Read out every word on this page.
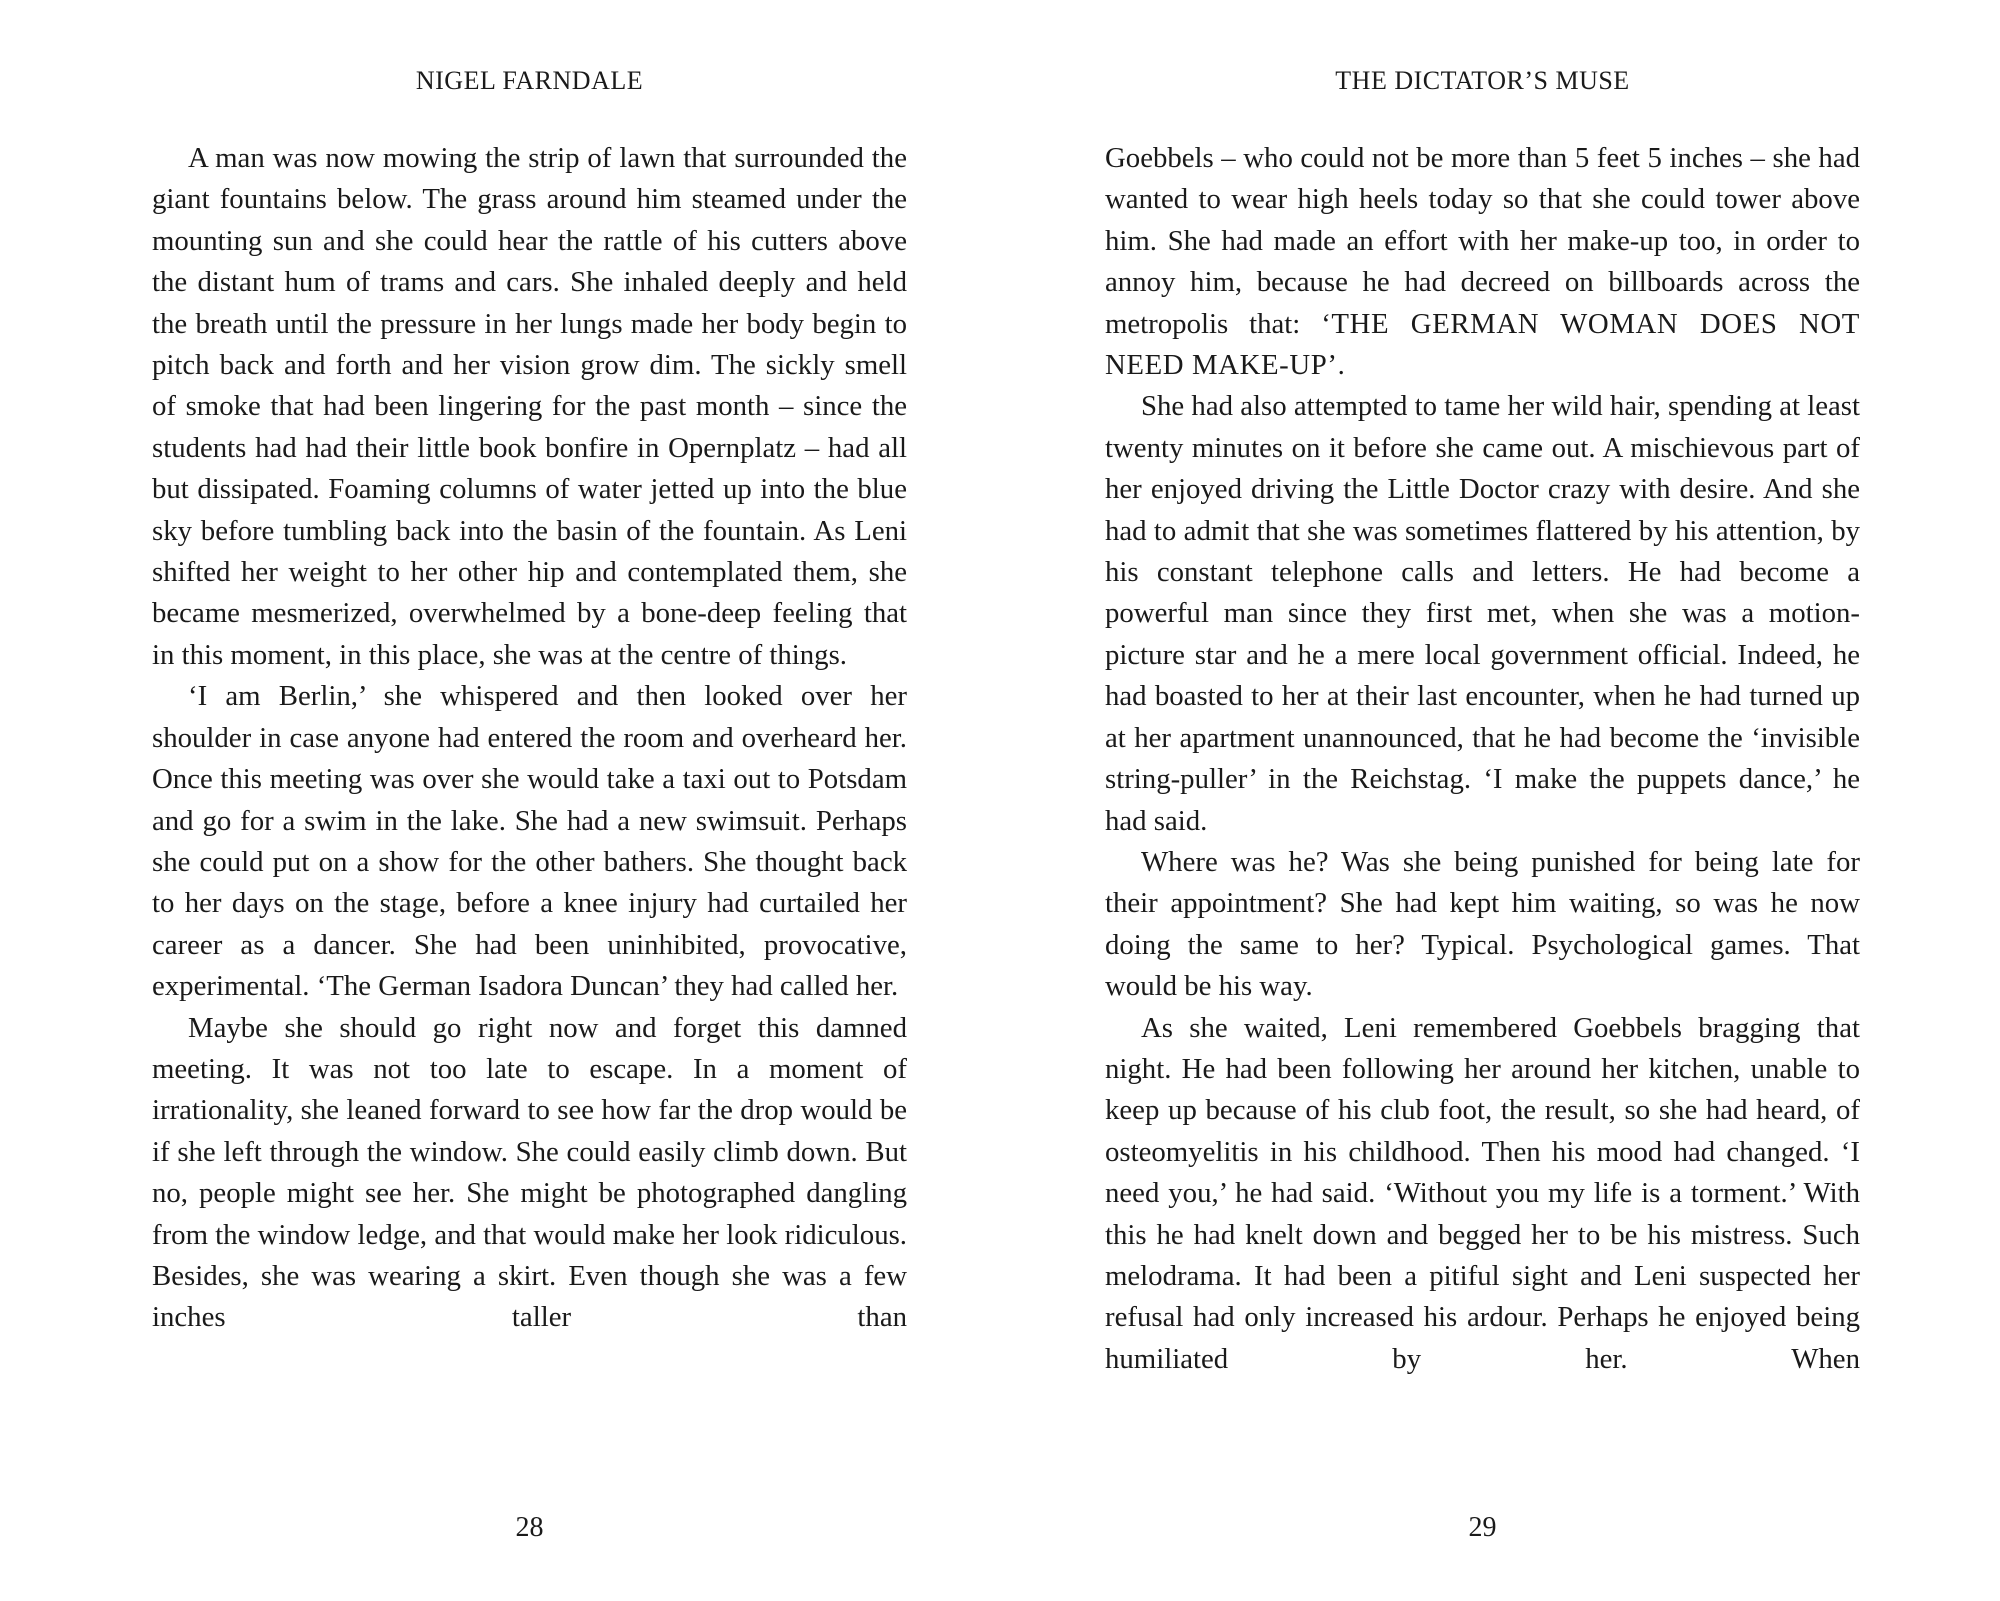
NIGEL FARNDALE

A man was now mowing the strip of lawn that surrounded the giant fountains below. The grass around him steamed under the mounting sun and she could hear the rattle of his cutters above the distant hum of trams and cars. She inhaled deeply and held the breath until the pressure in her lungs made her body begin to pitch back and forth and her vision grow dim. The sickly smell of smoke that had been lingering for the past month – since the students had had their little book bonfire in Opernplatz – had all but dissipated. Foaming columns of water jetted up into the blue sky before tumbling back into the basin of the fountain. As Leni shifted her weight to her other hip and contemplated them, she became mesmerized, overwhelmed by a bone-deep feeling that in this moment, in this place, she was at the centre of things.

‘I am Berlin,’ she whispered and then looked over her shoulder in case anyone had entered the room and overheard her. Once this meeting was over she would take a taxi out to Potsdam and go for a swim in the lake. She had a new swimsuit. Perhaps she could put on a show for the other bathers. She thought back to her days on the stage, before a knee injury had curtailed her career as a dancer. She had been uninhibited, provocative, experimental. ‘The German Isadora Duncan’ they had called her.

Maybe she should go right now and forget this damned meeting. It was not too late to escape. In a moment of irrationality, she leaned forward to see how far the drop would be if she left through the window. She could easily climb down. But no, people might see her. She might be photographed dangling from the window ledge, and that would make her look ridiculous. Besides, she was wearing a skirt. Even though she was a few inches taller than

28
THE DICTATOR’S MUSE

Goebbels – who could not be more than 5 feet 5 inches – she had wanted to wear high heels today so that she could tower above him. She had made an effort with her make-up too, in order to annoy him, because he had decreed on billboards across the metropolis that: ‘THE GERMAN WOMAN DOES NOT NEED MAKE-UP’.

She had also attempted to tame her wild hair, spending at least twenty minutes on it before she came out. A mischievous part of her enjoyed driving the Little Doctor crazy with desire. And she had to admit that she was sometimes flattered by his attention, by his constant telephone calls and letters. He had become a powerful man since they first met, when she was a motion-picture star and he a mere local government official. Indeed, he had boasted to her at their last encounter, when he had turned up at her apartment unannounced, that he had become the ‘invisible string-puller’ in the Reichstag. ‘I make the puppets dance,’ he had said.

Where was he? Was she being punished for being late for their appointment? She had kept him waiting, so was he now doing the same to her? Typical. Psychological games. That would be his way.

As she waited, Leni remembered Goebbels bragging that night. He had been following her around her kitchen, unable to keep up because of his club foot, the result, so she had heard, of osteomyelitis in his childhood. Then his mood had changed. ‘I need you,’ he had said. ‘Without you my life is a torment.’ With this he had knelt down and begged her to be his mistress. Such melodrama. It had been a pitiful sight and Leni suspected her refusal had only increased his ardour. Perhaps he enjoyed being humiliated by her. When

29
